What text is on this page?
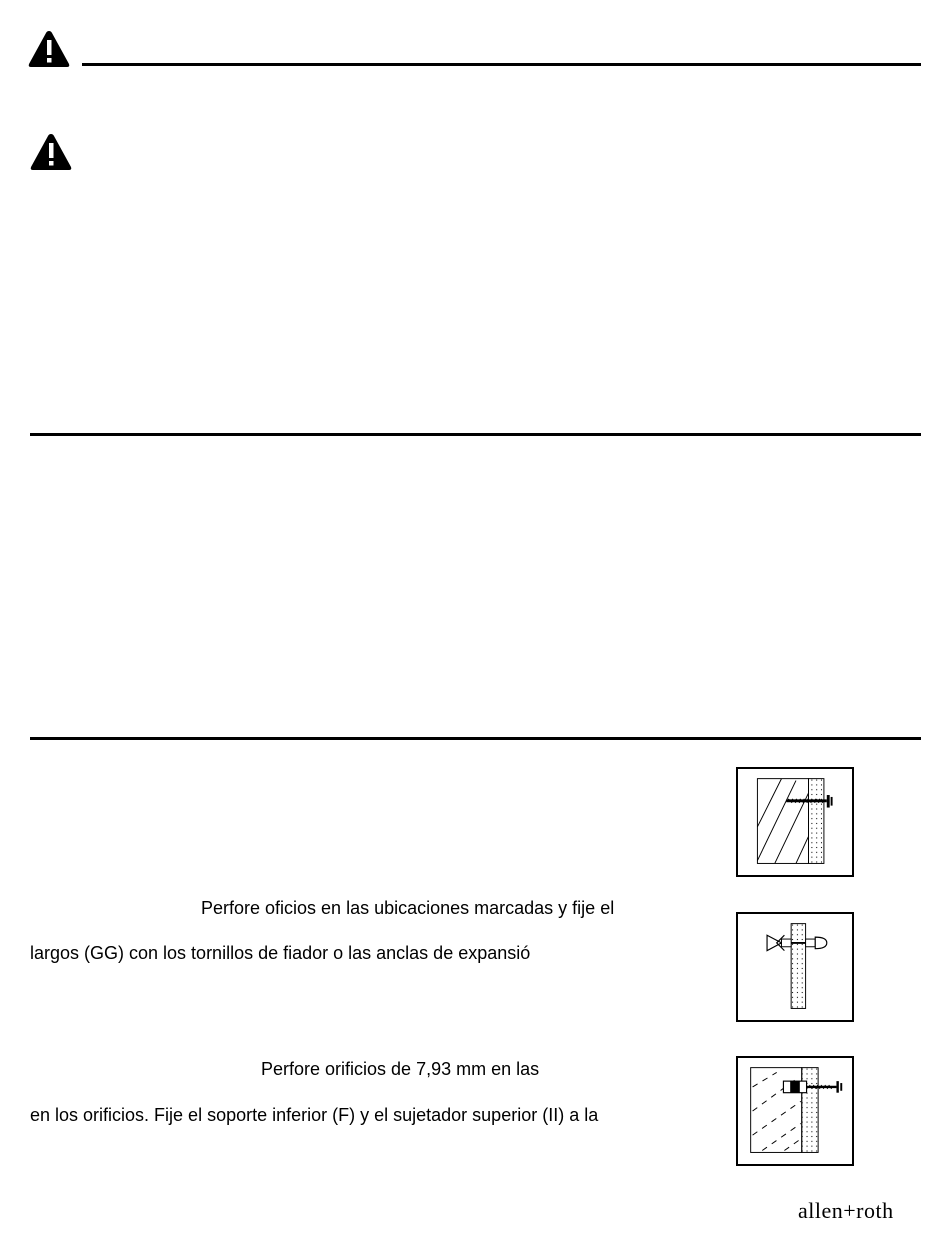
Perfore oficios en las ubicaciones marcadas y fije el
largos (GG) con los tornillos de fiador o las anclas de expansió
Perfore orificios de 7,93 mm en las
en los orificios. Fije el soporte inferior (F) y el sujetador superior (II) a la
allen+roth
